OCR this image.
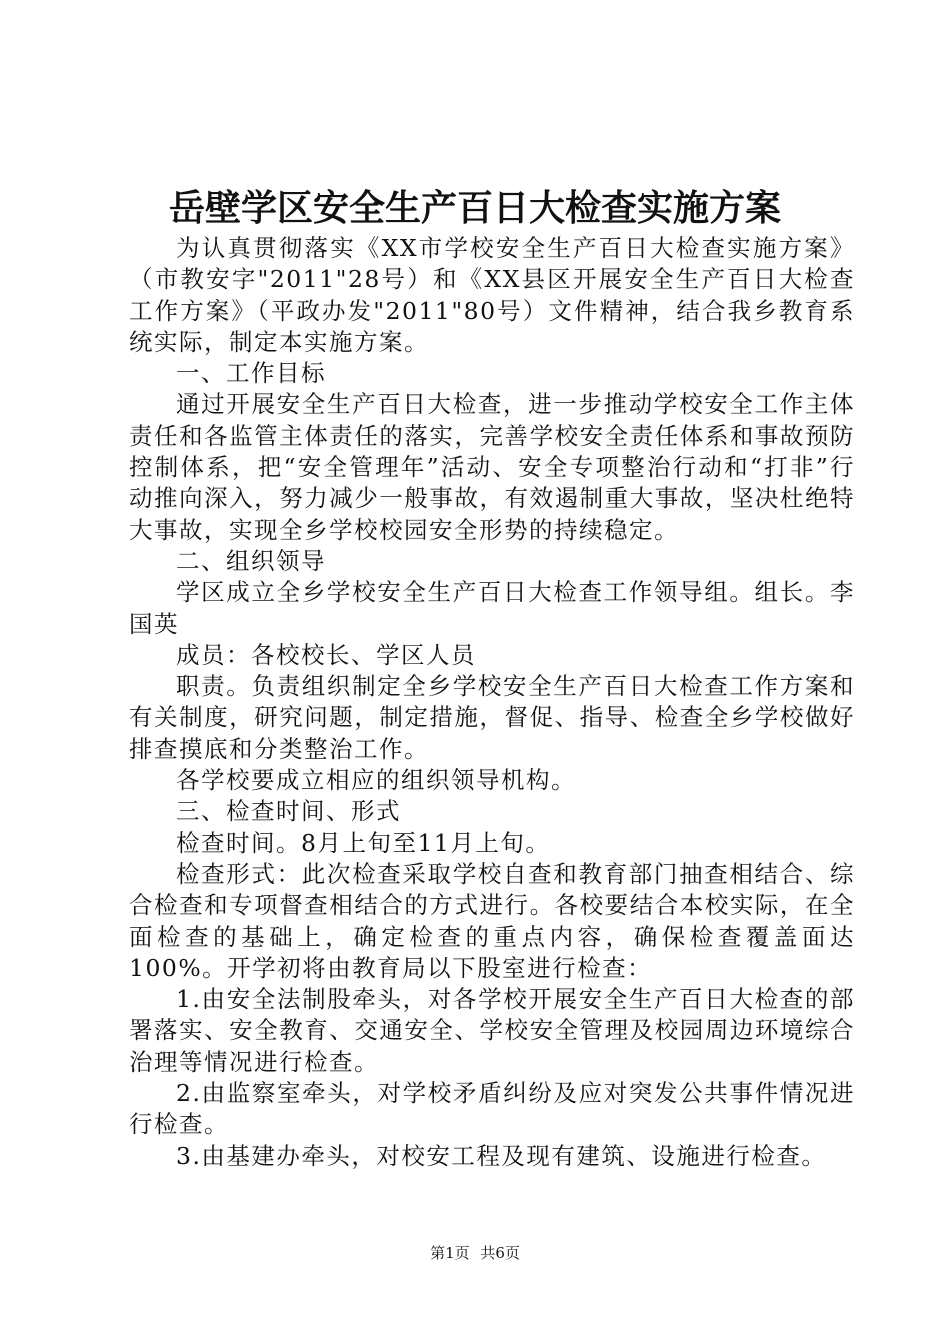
岳壁学区安全生产百日大检查实施方案

为认真贯彻落实《XX市学校安全生产百日大检查实施方案》（市教安字"2011"28号）和《XX县区开展安全生产百日大检查工作方案》（平政办发"2011"80号）文件精神，结合我乡教育系统实际，制定本实施方案。

一、工作目标

通过开展安全生产百日大检查，进一步推动学校安全工作主体责任和各监管主体责任的落实，完善学校安全责任体系和事故预防控制体系，把“安全管理年”活动、安全专项整治行动和“打非”行动推向深入，努力减少一般事故，有效遏制重大事故，坚决杜绝特大事故，实现全乡学校校园安全形势的持续稳定。

二、组织领导

学区成立全乡学校安全生产百日大检查工作领导组。组长。李国英

成员：各校校长、学区人员

职责。负责组织制定全乡学校安全生产百日大检查工作方案和有关制度，研究问题，制定措施，督促、指导、检查全乡学校做好排查摸底和分类整治工作。

各学校要成立相应的组织领导机构。

三、检查时间、形式

检查时间。8月上旬至11月上旬。

检查形式：此次检查采取学校自查和教育部门抽查相结合、综合检查和专项督查相结合的方式进行。各校要结合本校实际，在全面检查的基础上，确定检查的重点内容，确保检查覆盖面达100%。开学初将由教育局以下股室进行检查：

1.由安全法制股牵头，对各学校开展安全生产百日大检查的部署落实、安全教育、交通安全、学校安全管理及校园周边环境综合治理等情况进行检查。

2.由监察室牵头，对学校矛盾纠纷及应对突发公共事件情况进行检查。

3.由基建办牵头，对校安工程及现有建筑、设施进行检查。

第1页 共6页
